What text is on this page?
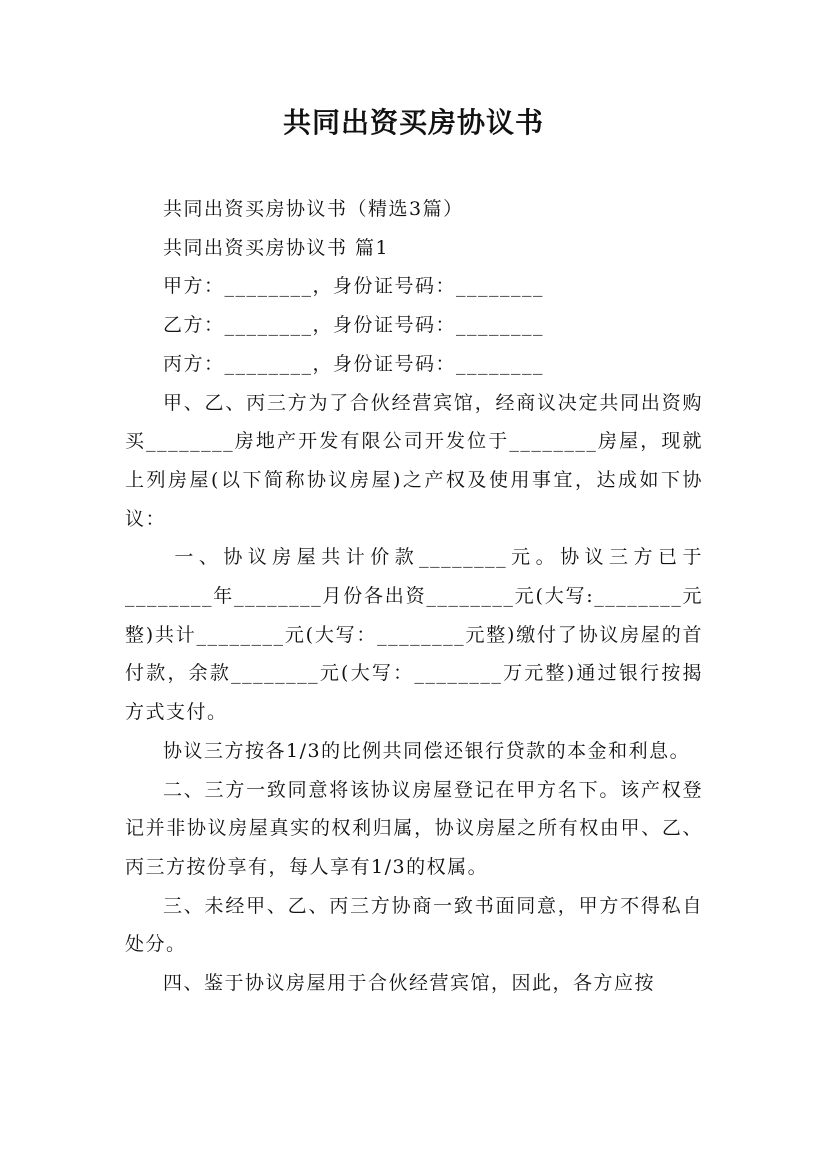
共同出资买房协议书

共同出资买房协议书（精选3篇）

共同出资买房协议书 篇1

甲方：________，身份证号码：________

乙方：________，身份证号码：________

丙方：________，身份证号码：________

甲、乙、丙三方为了合伙经营宾馆，经商议决定共同出资购买________房地产开发有限公司开发位于________房屋，现就上列房屋(以下简称协议房屋)之产权及使用事宜，达成如下协议：

一、协议房屋共计价款________元。协议三方已于________年________月份各出资________元(大写:________元整)共计________元(大写：________元整)缴付了协议房屋的首付款，余款________元(大写：________万元整)通过银行按揭方式支付。

协议三方按各1/3的比例共同偿还银行贷款的本金和利息。

二、三方一致同意将该协议房屋登记在甲方名下。该产权登记并非协议房屋真实的权利归属，协议房屋之所有权由甲、乙、丙三方按份享有，每人享有1/3的权属。

三、未经甲、乙、丙三方协商一致书面同意，甲方不得私自处分。

四、鉴于协议房屋用于合伙经营宾馆，因此，各方应按
